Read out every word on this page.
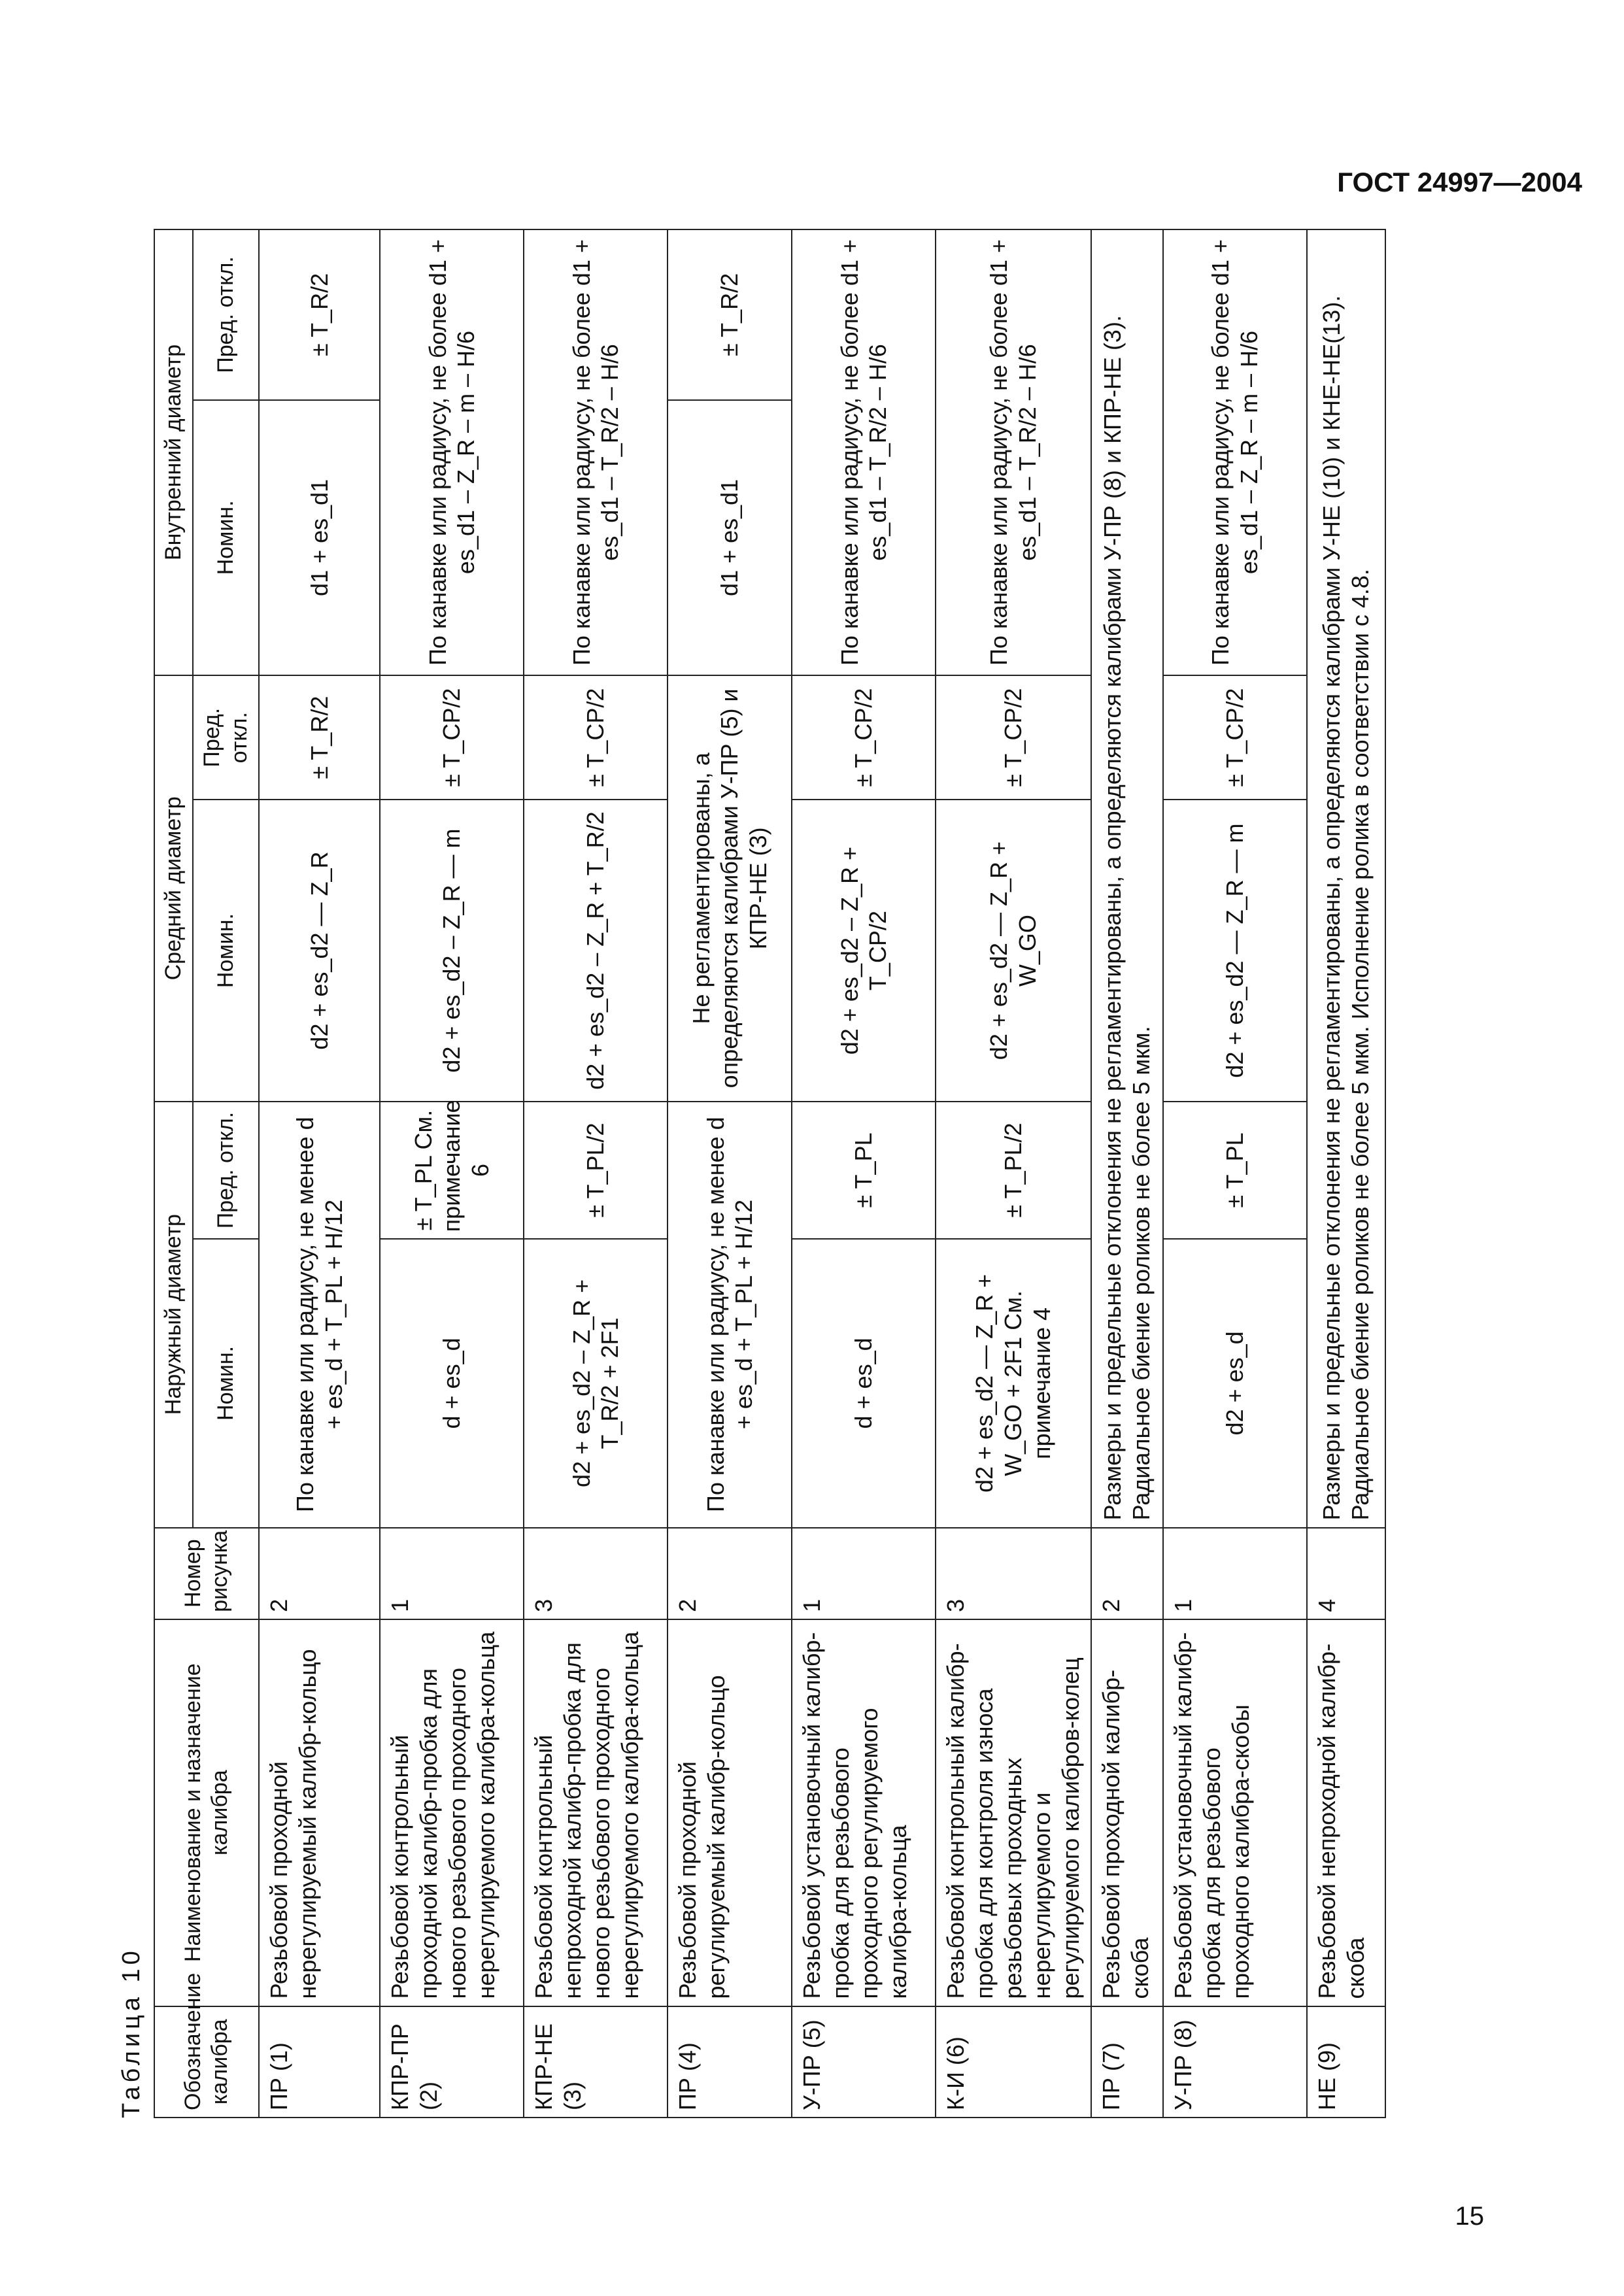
ГОСТ 24997—2004
Таблица 10 Обозначение калибра	Наименование и назначение калибра	Номер рисунка	Наружный диаметр		Средний диаметр		Внутренний диаметр	
			Номин.	Пред. откл.	Номин.	Пред. откл.	Номин.	Пред. откл.
ПР (1)	Резьбовой проходной нерегулируемый калибр-кольцо	2	По канавке или радиусу, не менее d + es_d + T_PL + H/12		d2 + es_d2 — Z_R	± T_R/2	d1 + es_d1	± T_R/2
КПР-ПР (2)	Резьбовой контрольный проходной калибр-пробка для нового резьбового проходного нерегулируемого калибра-кольца	1	d + es_d	± T_PL См. примечание 6	d2 + es_d2 – Z_R — m	± T_CP/2	По канавке или радиусу, не более d1 + es_d1 – Z_R – m – H/6	
КПР-НЕ (3)	Резьбовой контрольный непроходной калибр-пробка для нового резьбового проходного нерегулируемого калибра-кольца	3	d2 + es_d2 – Z_R + T_R/2 + 2F1	± T_PL/2	d2 + es_d2 – Z_R + T_R/2	± T_CP/2	По канавке или радиусу, не более d1 + es_d1 – T_R/2 – H/6	
ПР (4)	Резьбовой проходной регулируемый калибр-кольцо	2	По канавке или радиусу, не менее d + es_d + T_PL + H/12		Не регламентированы, а определяются калибрами У-ПР (5) и КПР-НЕ (3)		d1 + es_d1	± T_R/2
У-ПР (5)	Резьбовой установочный калибр-пробка для резьбового проходного регулируемого калибра-кольца	1	d + es_d	± T_PL	d2 + es_d2 – Z_R + T_CP/2	± T_CP/2	По канавке или радиусу, не более d1 + es_d1 – T_R/2 – H/6	
К-И (6)	Резьбовой контрольный калибр-пробка для контроля износа резьбовых проходных нерегулируемого и регулируемого калибров-колец	3	d2 + es_d2 — Z_R + W_GO + 2F1 См. примечание 4	± T_PL/2	d2 + es_d2 — Z_R + W_GO	± T_CP/2	По канавке или радиусу, не более d1 + es_d1 – T_R/2 – H/6	
ПР (7)	Резьбовой проходной калибр-скоба	2	Размеры и предельные отклонения не регламентированы, а определяются калибрами У-ПР (8) и КПР-НЕ (3). Радиальное биение роликов не более 5 мкм.					
У-ПР (8)	Резьбовой установочный калибр-пробка для резьбового проходного калибра-скобы	1	d2 + es_d	± T_PL	d2 + es_d2 — Z_R — m	± T_CP/2	По канавке или радиусу, не более d1 + es_d1 – Z_R – m – H/6	
НЕ (9)	Резьбовой непроходной калибр-скоба	4	Размеры и предельные отклонения не регламентированы, а определяются калибрами У-НЕ (10) и КНЕ-НЕ(13). Радиальное биение роликов не более 5 мкм. Исполнение ролика в соответствии с 4.8.					
15
